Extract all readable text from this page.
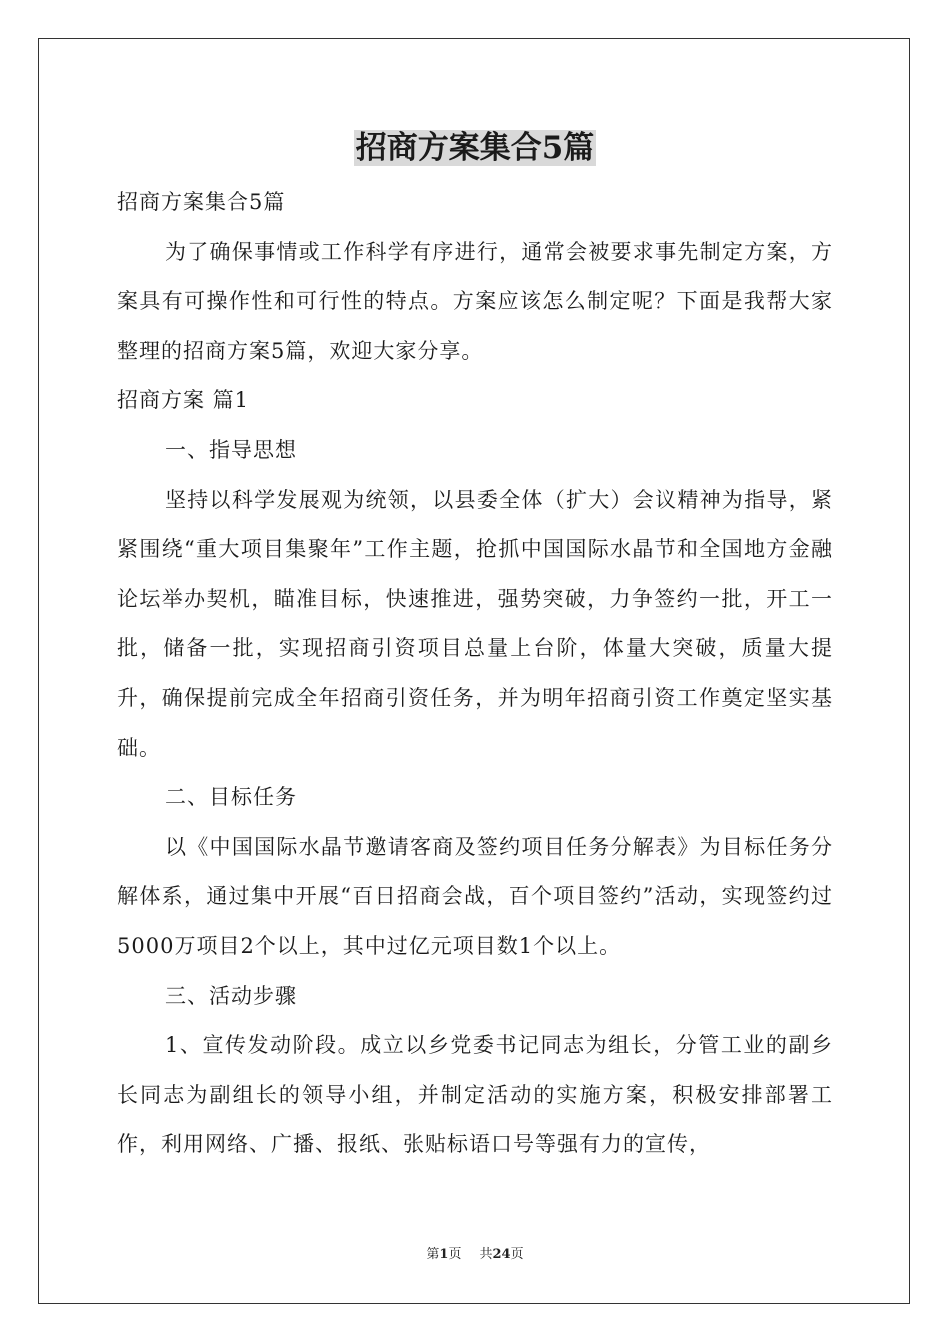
招商方案集合5篇

招商方案集合5篇

为了确保事情或工作科学有序进行，通常会被要求事先制定方案，方案具有可操作性和可行性的特点。方案应该怎么制定呢？下面是我帮大家整理的招商方案5篇，欢迎大家分享。

招商方案 篇1

一、指导思想

坚持以科学发展观为统领，以县委全体（扩大）会议精神为指导，紧紧围绕“重大项目集聚年”工作主题，抢抓中国国际水晶节和全国地方金融论坛举办契机，瞄准目标，快速推进，强势突破，力争签约一批，开工一批，储备一批，实现招商引资项目总量上台阶，体量大突破，质量大提升，确保提前完成全年招商引资任务，并为明年招商引资工作奠定坚实基础。

二、目标任务

以《中国国际水晶节邀请客商及签约项目任务分解表》为目标任务分解体系，通过集中开展“百日招商会战，百个项目签约”活动，实现签约过5000万项目2个以上，其中过亿元项目数1个以上。

三、活动步骤

1、宣传发动阶段。成立以乡党委书记同志为组长，分管工业的副乡长同志为副组长的领导小组，并制定活动的实施方案，积极安排部署工作，利用网络、广播、报纸、张贴标语口号等强有力的宣传，

第1页 共24页
